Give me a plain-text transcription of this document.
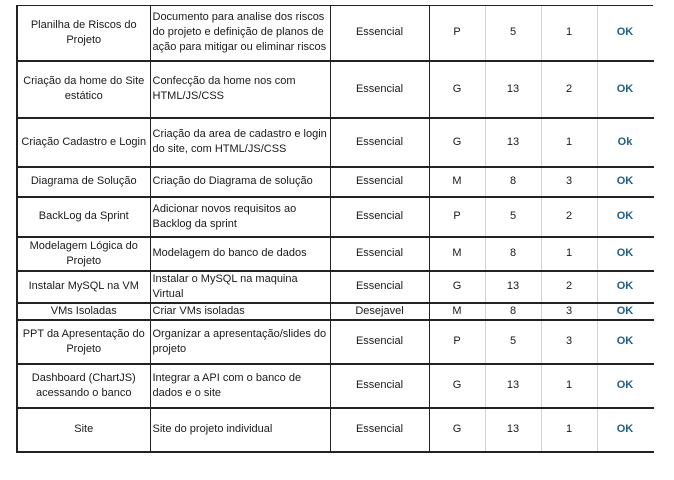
Planilha de Riscos do Projeto	Documento para analise dos riscos do projeto e definição de planos de ação para mitigar ou eliminar riscos	Essencial	P	5	1	OK
Criação da home do Site estático	Confecção da home nos com HTML/JS/CSS	Essencial	G	13	2	OK
Criação Cadastro e Login	Criação da area de cadastro e login do site, com HTML/JS/CSS	Essencial	G	13	1	Ok
Diagrama de Solução	Criação do Diagrama de solução	Essencial	M	8	3	OK
BackLog da Sprint	Adicionar novos requisitos ao Backlog da sprint	Essencial	P	5	2	OK
Modelagem Lógica do Projeto	Modelagem do banco de dados	Essencial	M	8	1	OK
Instalar MySQL na VM	Instalar o MySQL na maquina Virtual	Essencial	G	13	2	OK
VMs Isoladas	Criar VMs isoladas	Desejavel	M	8	3	OK
PPT da Apresentação do Projeto	Organizar a apresentação/slides do projeto	Essencial	P	5	3	OK
Dashboard (ChartJS) acessando o banco	Integrar a API com o banco de dados e o site	Essencial	G	13	1	OK
Site	Site do projeto individual	Essencial	G	13	1	OK
